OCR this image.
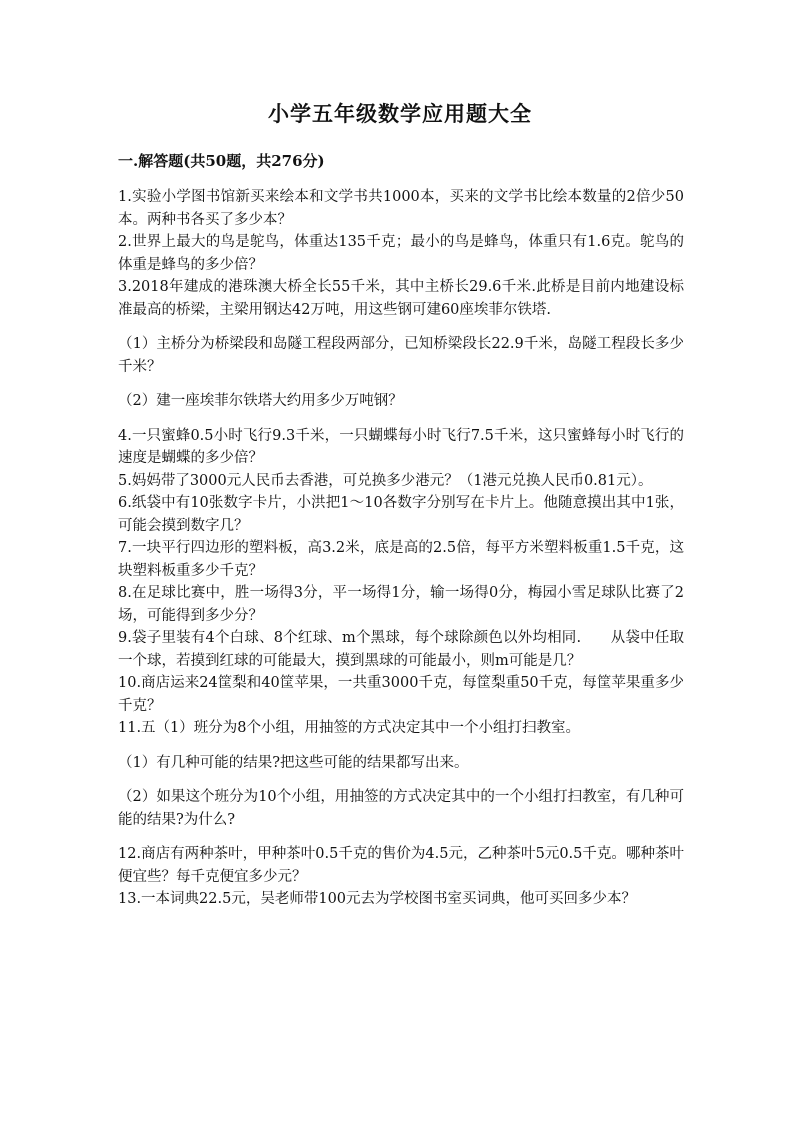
小学五年级数学应用题大全
一.解答题(共50题，共276分)

1.实验小学图书馆新买来绘本和文学书共1000本，买来的文学书比绘本数量的2倍少50本。两种书各买了多少本？

2.世界上最大的鸟是鸵鸟，体重达135千克；最小的鸟是蜂鸟，体重只有1.6克。鸵鸟的体重是蜂鸟的多少倍？

3.2018年建成的港珠澳大桥全长55千米，其中主桥长29.6千米.此桥是目前内地建设标准最高的桥梁，主梁用钢达42万吨，用这些钢可建60座埃菲尔铁塔.

（1）主桥分为桥梁段和岛隧工程段两部分，已知桥梁段长22.9千米，岛隧工程段长多少千米？

（2）建一座埃菲尔铁塔大约用多少万吨钢？

4.一只蜜蜂0.5小时飞行9.3千米，一只蝴蝶每小时飞行7.5千米，这只蜜蜂每小时飞行的速度是蝴蝶的多少倍？

5.妈妈带了3000元人民币去香港，可兑换多少港元？（1港元兑换人民币0.81元）。

6.纸袋中有10张数字卡片，小洪把1～10各数字分别写在卡片上。他随意摸出其中1张，可能会摸到数字几？

7.一块平行四边形的塑料板，高3.2米，底是高的2.5倍，每平方米塑料板重1.5千克，这块塑料板重多少千克？

8.在足球比赛中，胜一场得3分，平一场得1分，输一场得0分，梅园小雪足球队比赛了2场，可能得到多少分？

9.袋子里装有4个白球、8个红球、m个黑球，每个球除颜色以外均相同.　　从袋中任取一个球，若摸到红球的可能最大，摸到黑球的可能最小，则m可能是几？

10.商店运来24筐梨和40筐苹果，一共重3000千克，每筐梨重50千克，每筐苹果重多少千克？

11.五（1）班分为8个小组，用抽签的方式决定其中一个小组打扫教室。

（1）有几种可能的结果?把这些可能的结果都写出来。

（2）如果这个班分为10个小组，用抽签的方式决定其中的一个小组打扫教室，有几种可能的结果?为什么?

12.商店有两种茶叶，甲种茶叶0.5千克的售价为4.5元，乙种茶叶5元0.5千克。哪种茶叶便宜些？每千克便宜多少元？

13.一本词典22.5元，吴老师带100元去为学校图书室买词典，他可买回多少本？
